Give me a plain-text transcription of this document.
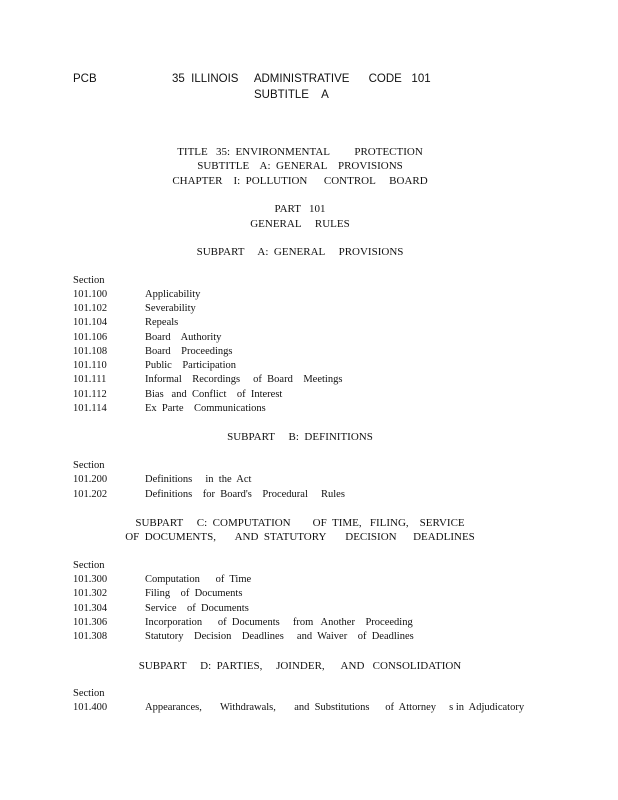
PCB	35  ILLINOIS     ADMINISTRATIVE      CODE   101
SUBTITLE    A
TITLE   35:  ENVIRONMENTAL         PROTECTION
SUBTITLE    A:  GENERAL    PROVISIONS
CHAPTER    I:  POLLUTION      CONTROL     BOARD
PART   101
GENERAL     RULES
SUBPART     A:  GENERAL     PROVISIONS
Section
101.100	Applicability
101.102	Severability
101.104	Repeals
101.106	Board    Authority
101.108	Board    Proceedings
101.110	Public    Participation
101.111	Informal    Recordings     of  Board    Meetings
101.112	Bias   and  Conflict    of  Interest
101.114	Ex  Parte    Communications
SUBPART     B:  DEFINITIONS
Section
101.200	Definitions     in  the  Act
101.202	Definitions    for  Board's    Procedural     Rules
SUBPART     C:  COMPUTATION        OF  TIME,   FILING,    SERVICE
OF  DOCUMENTS,       AND  STATUTORY       DECISION      DEADLINES
Section
101.300	Computation      of  Time
101.302	Filing    of  Documents
101.304	Service    of  Documents
101.306	Incorporation      of  Documents     from   Another    Proceeding
101.308	Statutory    Decision    Deadlines     and  Waiver    of  Deadlines
SUBPART     D:  PARTIES,     JOINDER,      AND   CONSOLIDATION
Section
101.400	Appearances,       Withdrawals,       and  Substitutions      of  Attorney     s in  Adjudicatory
